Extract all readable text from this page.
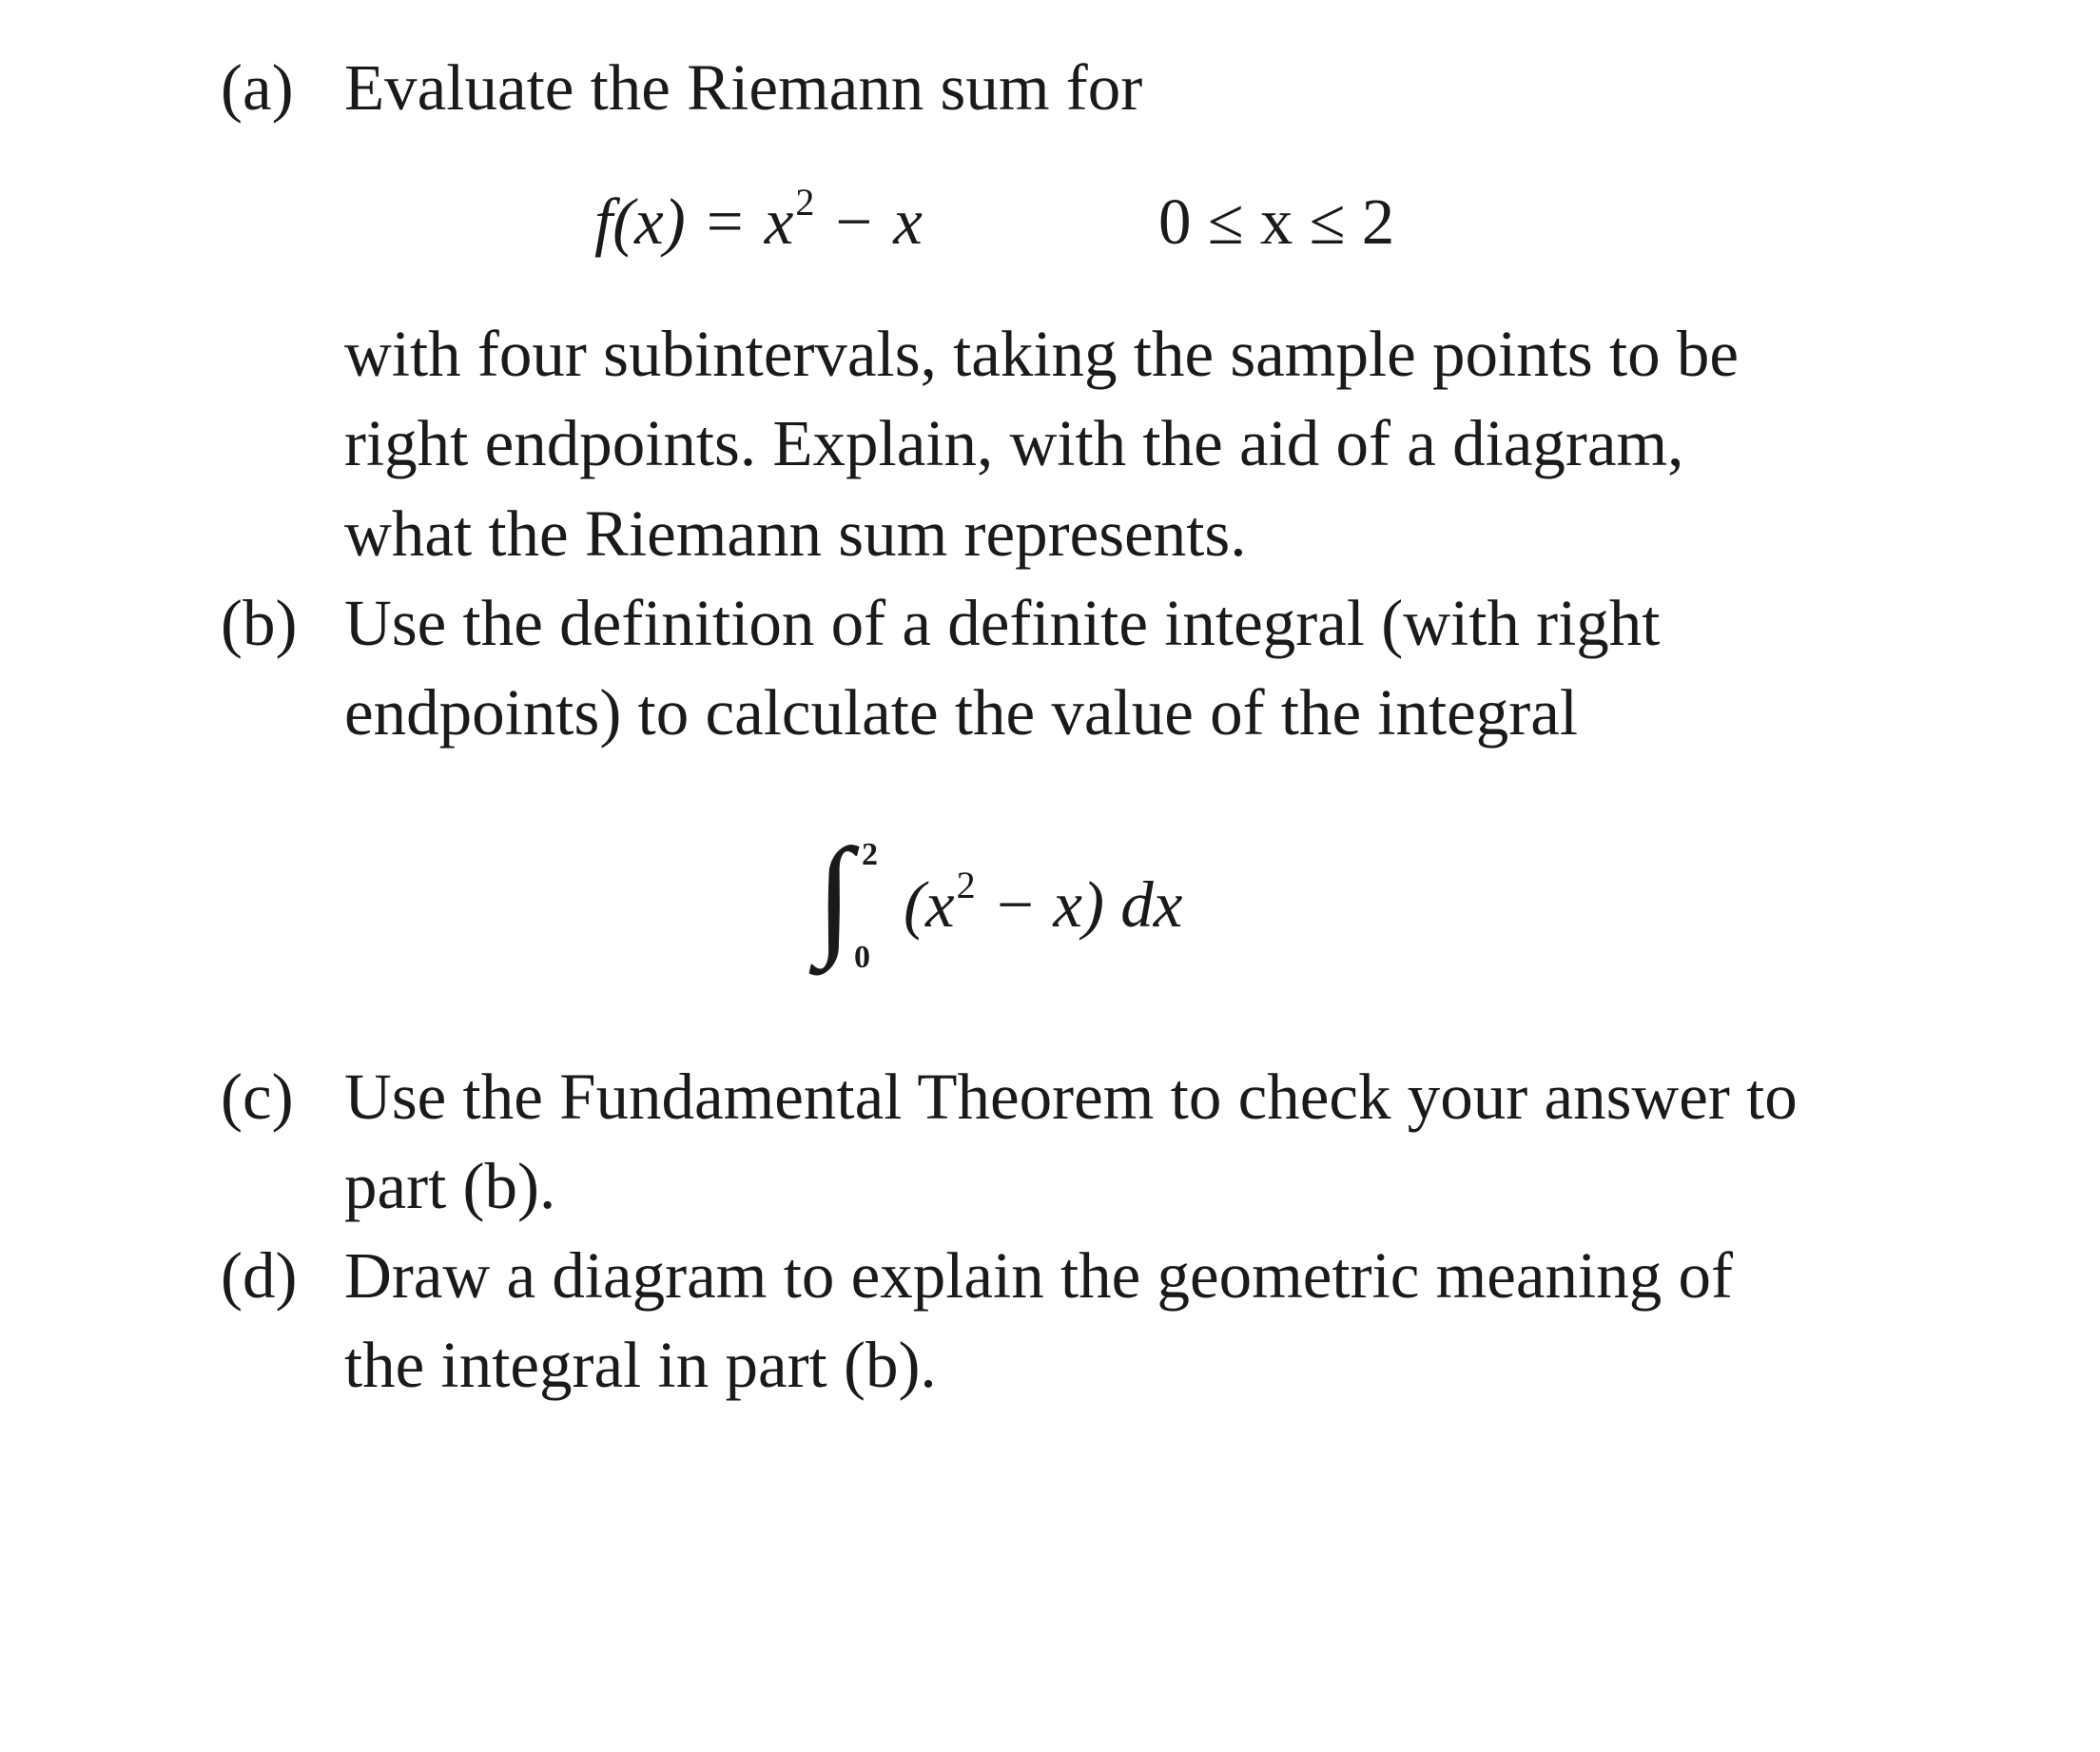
(a) Evaluate the Riemann sum for
$f(x) = x^2 - x$	0 ≤ x ≤ 2
with four subintervals, taking the sample points to be
right endpoints. Explain, with the aid of a diagram,
what the Riemann sum represents.
(b) Use the definition of a definite integral (with right
endpoints) to calculate the value of the integral
∫ 2
0
$(x^2 - x)$ dx
(c) Use the Fundamental Theorem to check your answer to
part (b).
(d) Draw a diagram to explain the geometric meaning of
the integral in part (b).
